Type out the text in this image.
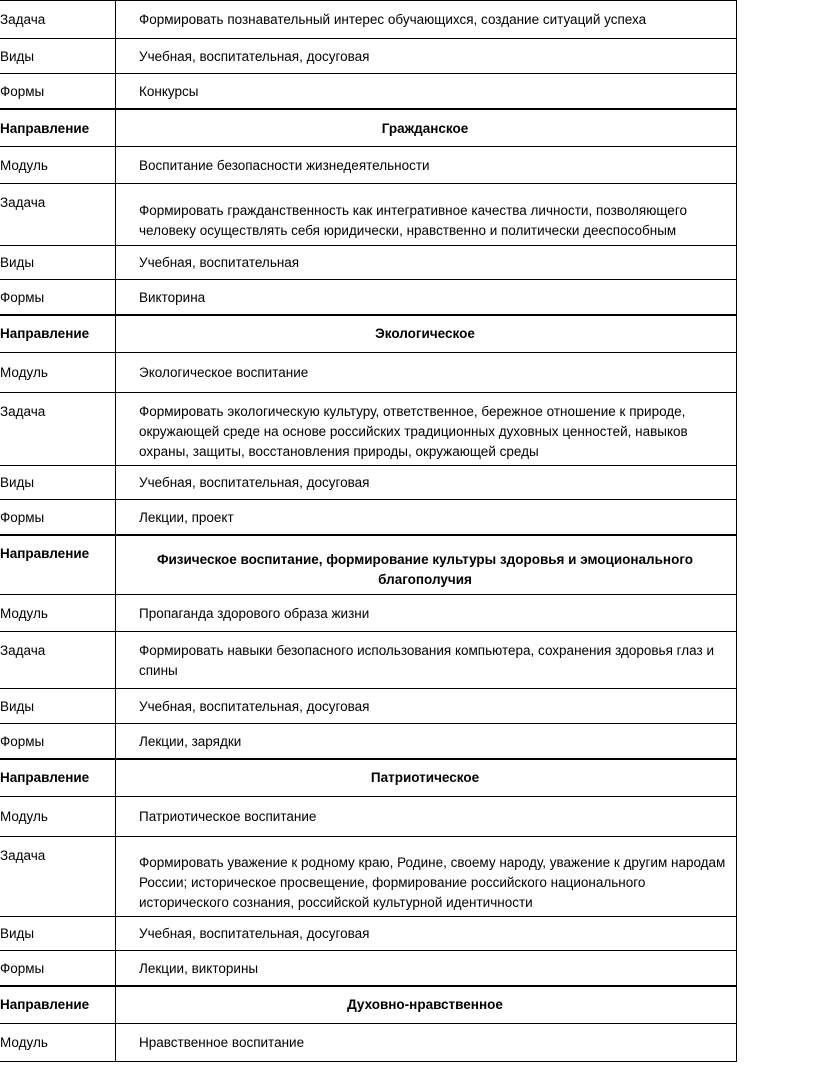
Задача	Формировать познавательный интерес обучающихся, создание ситуаций успеха
Виды	Учебная, воспитательная, досуговая
Формы	Конкурсы
Направление	Гражданское
Модуль	Воспитание безопасности жизнедеятельности
Задача	Формировать гражданственность как интегративное качества личности, позволяющего человеку осуществлять себя юридически, нравственно и политически дееспособным
Виды	Учебная, воспитательная
Формы	Викторина
Направление	Экологическое
Модуль	Экологическое воспитание
Задача	Формировать экологическую культуру, ответственное, бережное отношение к природе, окружающей среде на основе российских традиционных духовных ценностей, навыков охраны, защиты, восстановления природы, окружающей среды
Виды	Учебная, воспитательная, досуговая
Формы	Лекции, проект
Направление	Физическое воспитание, формирование культуры здоровья и эмоционального благополучия
Модуль	Пропаганда здорового образа жизни
Задача	Формировать навыки безопасного использования компьютера, сохранения здоровья глаз и спины
Виды	Учебная, воспитательная, досуговая
Формы	Лекции, зарядки
Направление	Патриотическое
Модуль	Патриотическое воспитание
Задача	Формировать уважение к родному краю, Родине, своему народу, уважение к другим народам России; историческое просвещение, формирование российского национального исторического сознания, российской культурной идентичности
Виды	Учебная, воспитательная, досуговая
Формы	Лекции, викторины
Направление	Духовно-нравственное
Модуль	Нравственное воспитание
